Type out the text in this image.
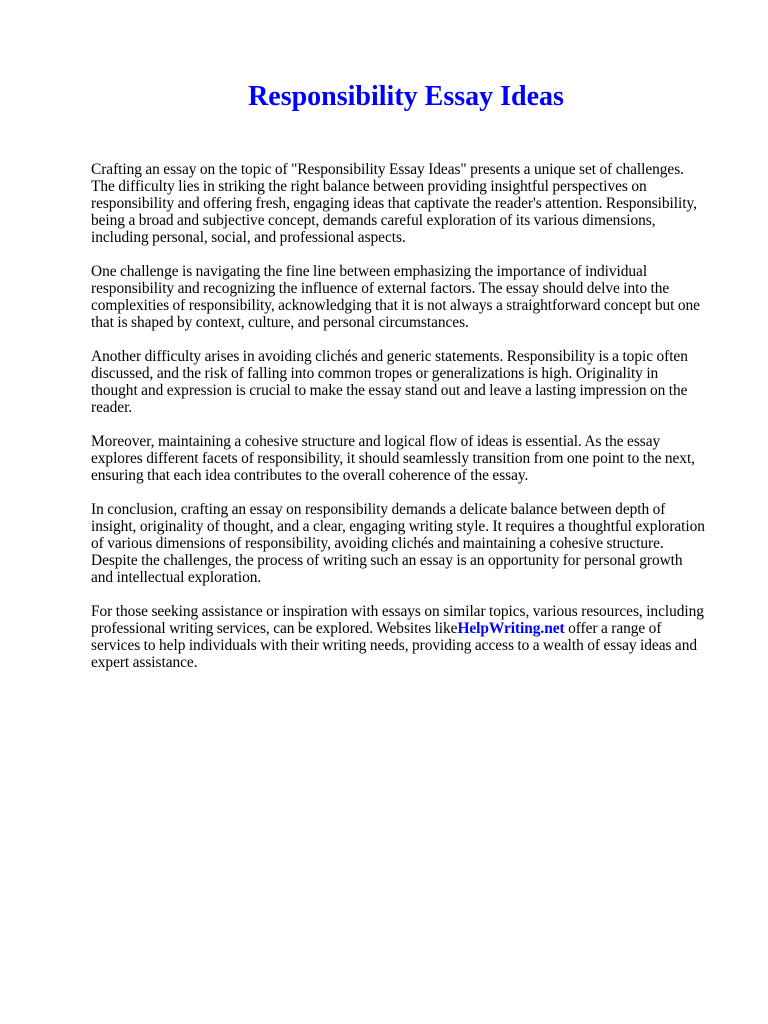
Responsibility Essay Ideas

Crafting an essay on the topic of "Responsibility Essay Ideas" presents a unique set of challenges.
The difficulty lies in striking the right balance between providing insightful perspectives on
responsibility and offering fresh, engaging ideas that captivate the reader's attention. Responsibility,
being a broad and subjective concept, demands careful exploration of its various dimensions,
including personal, social, and professional aspects.

One challenge is navigating the fine line between emphasizing the importance of individual
responsibility and recognizing the influence of external factors. The essay should delve into the
complexities of responsibility, acknowledging that it is not always a straightforward concept but one
that is shaped by context, culture, and personal circumstances.

Another difficulty arises in avoiding clichés and generic statements. Responsibility is a topic often
discussed, and the risk of falling into common tropes or generalizations is high. Originality in
thought and expression is crucial to make the essay stand out and leave a lasting impression on the
reader.

Moreover, maintaining a cohesive structure and logical flow of ideas is essential. As the essay
explores different facets of responsibility, it should seamlessly transition from one point to the next,
ensuring that each idea contributes to the overall coherence of the essay.

In conclusion, crafting an essay on responsibility demands a delicate balance between depth of
insight, originality of thought, and a clear, engaging writing style. It requires a thoughtful exploration
of various dimensions of responsibility, avoiding clichés and maintaining a cohesive structure.
Despite the challenges, the process of writing such an essay is an opportunity for personal growth
and intellectual exploration.

For those seeking assistance or inspiration with essays on similar topics, various resources, including
professional writing services, can be explored. Websites likeHelpWriting.net offer a range of
services to help individuals with their writing needs, providing access to a wealth of essay ideas and
expert assistance.
